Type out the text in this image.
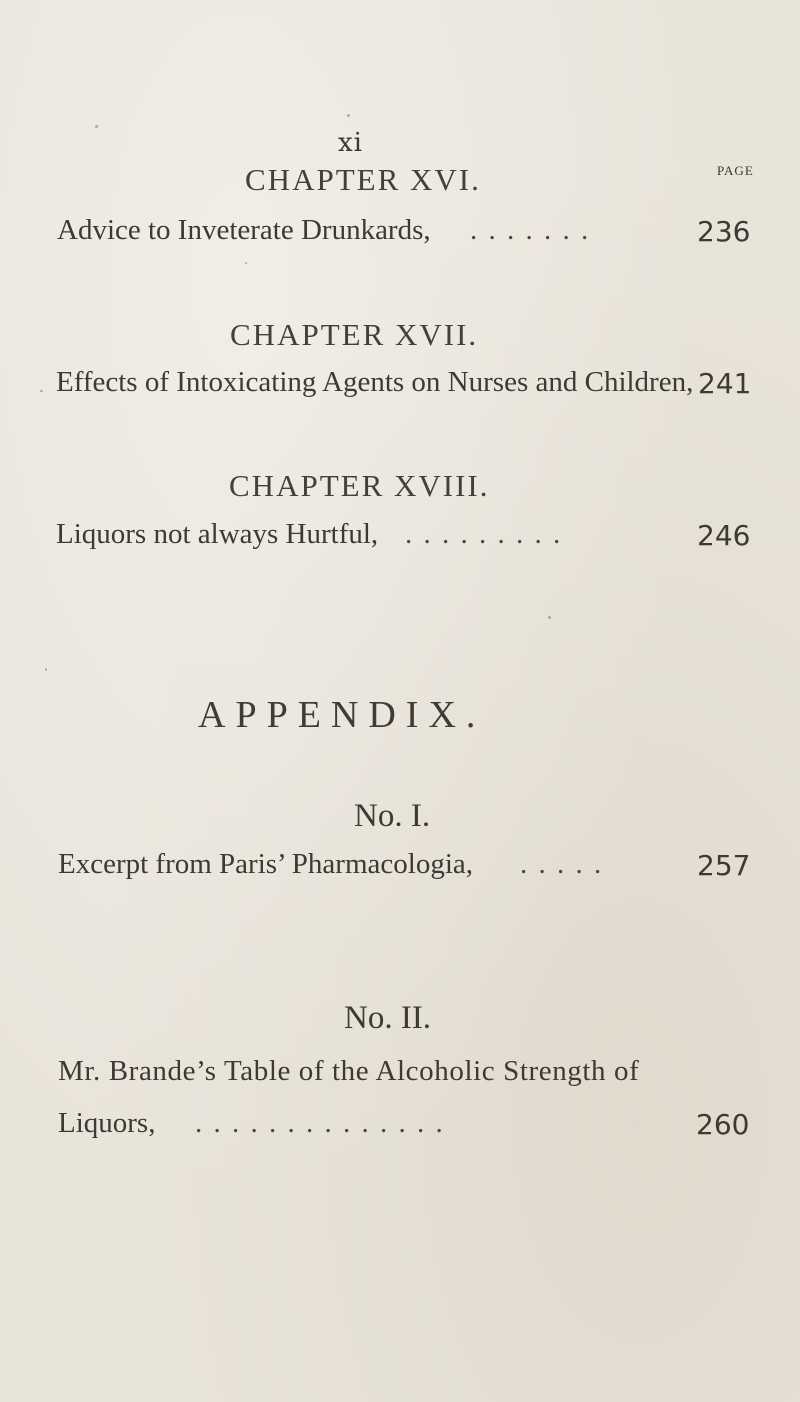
xi
PAGE
CHAPTER XVI.
Advice to Inveterate Drunkards, . . . . . . .	236
CHAPTER XVII.
Effects of Intoxicating Agents on Nurses and Children, 241
CHAPTER XVIII.
Liquors not always Hurtful, . . . . . . . . .	246
APPENDIX.
No. I.
Excerpt from Paris’ Pharmacologia, . . . . .	257
No. II.
Mr. Brande’s Table of the Alcoholic Strength of
Liquors, . . . . . . . . . . . . . .	260
